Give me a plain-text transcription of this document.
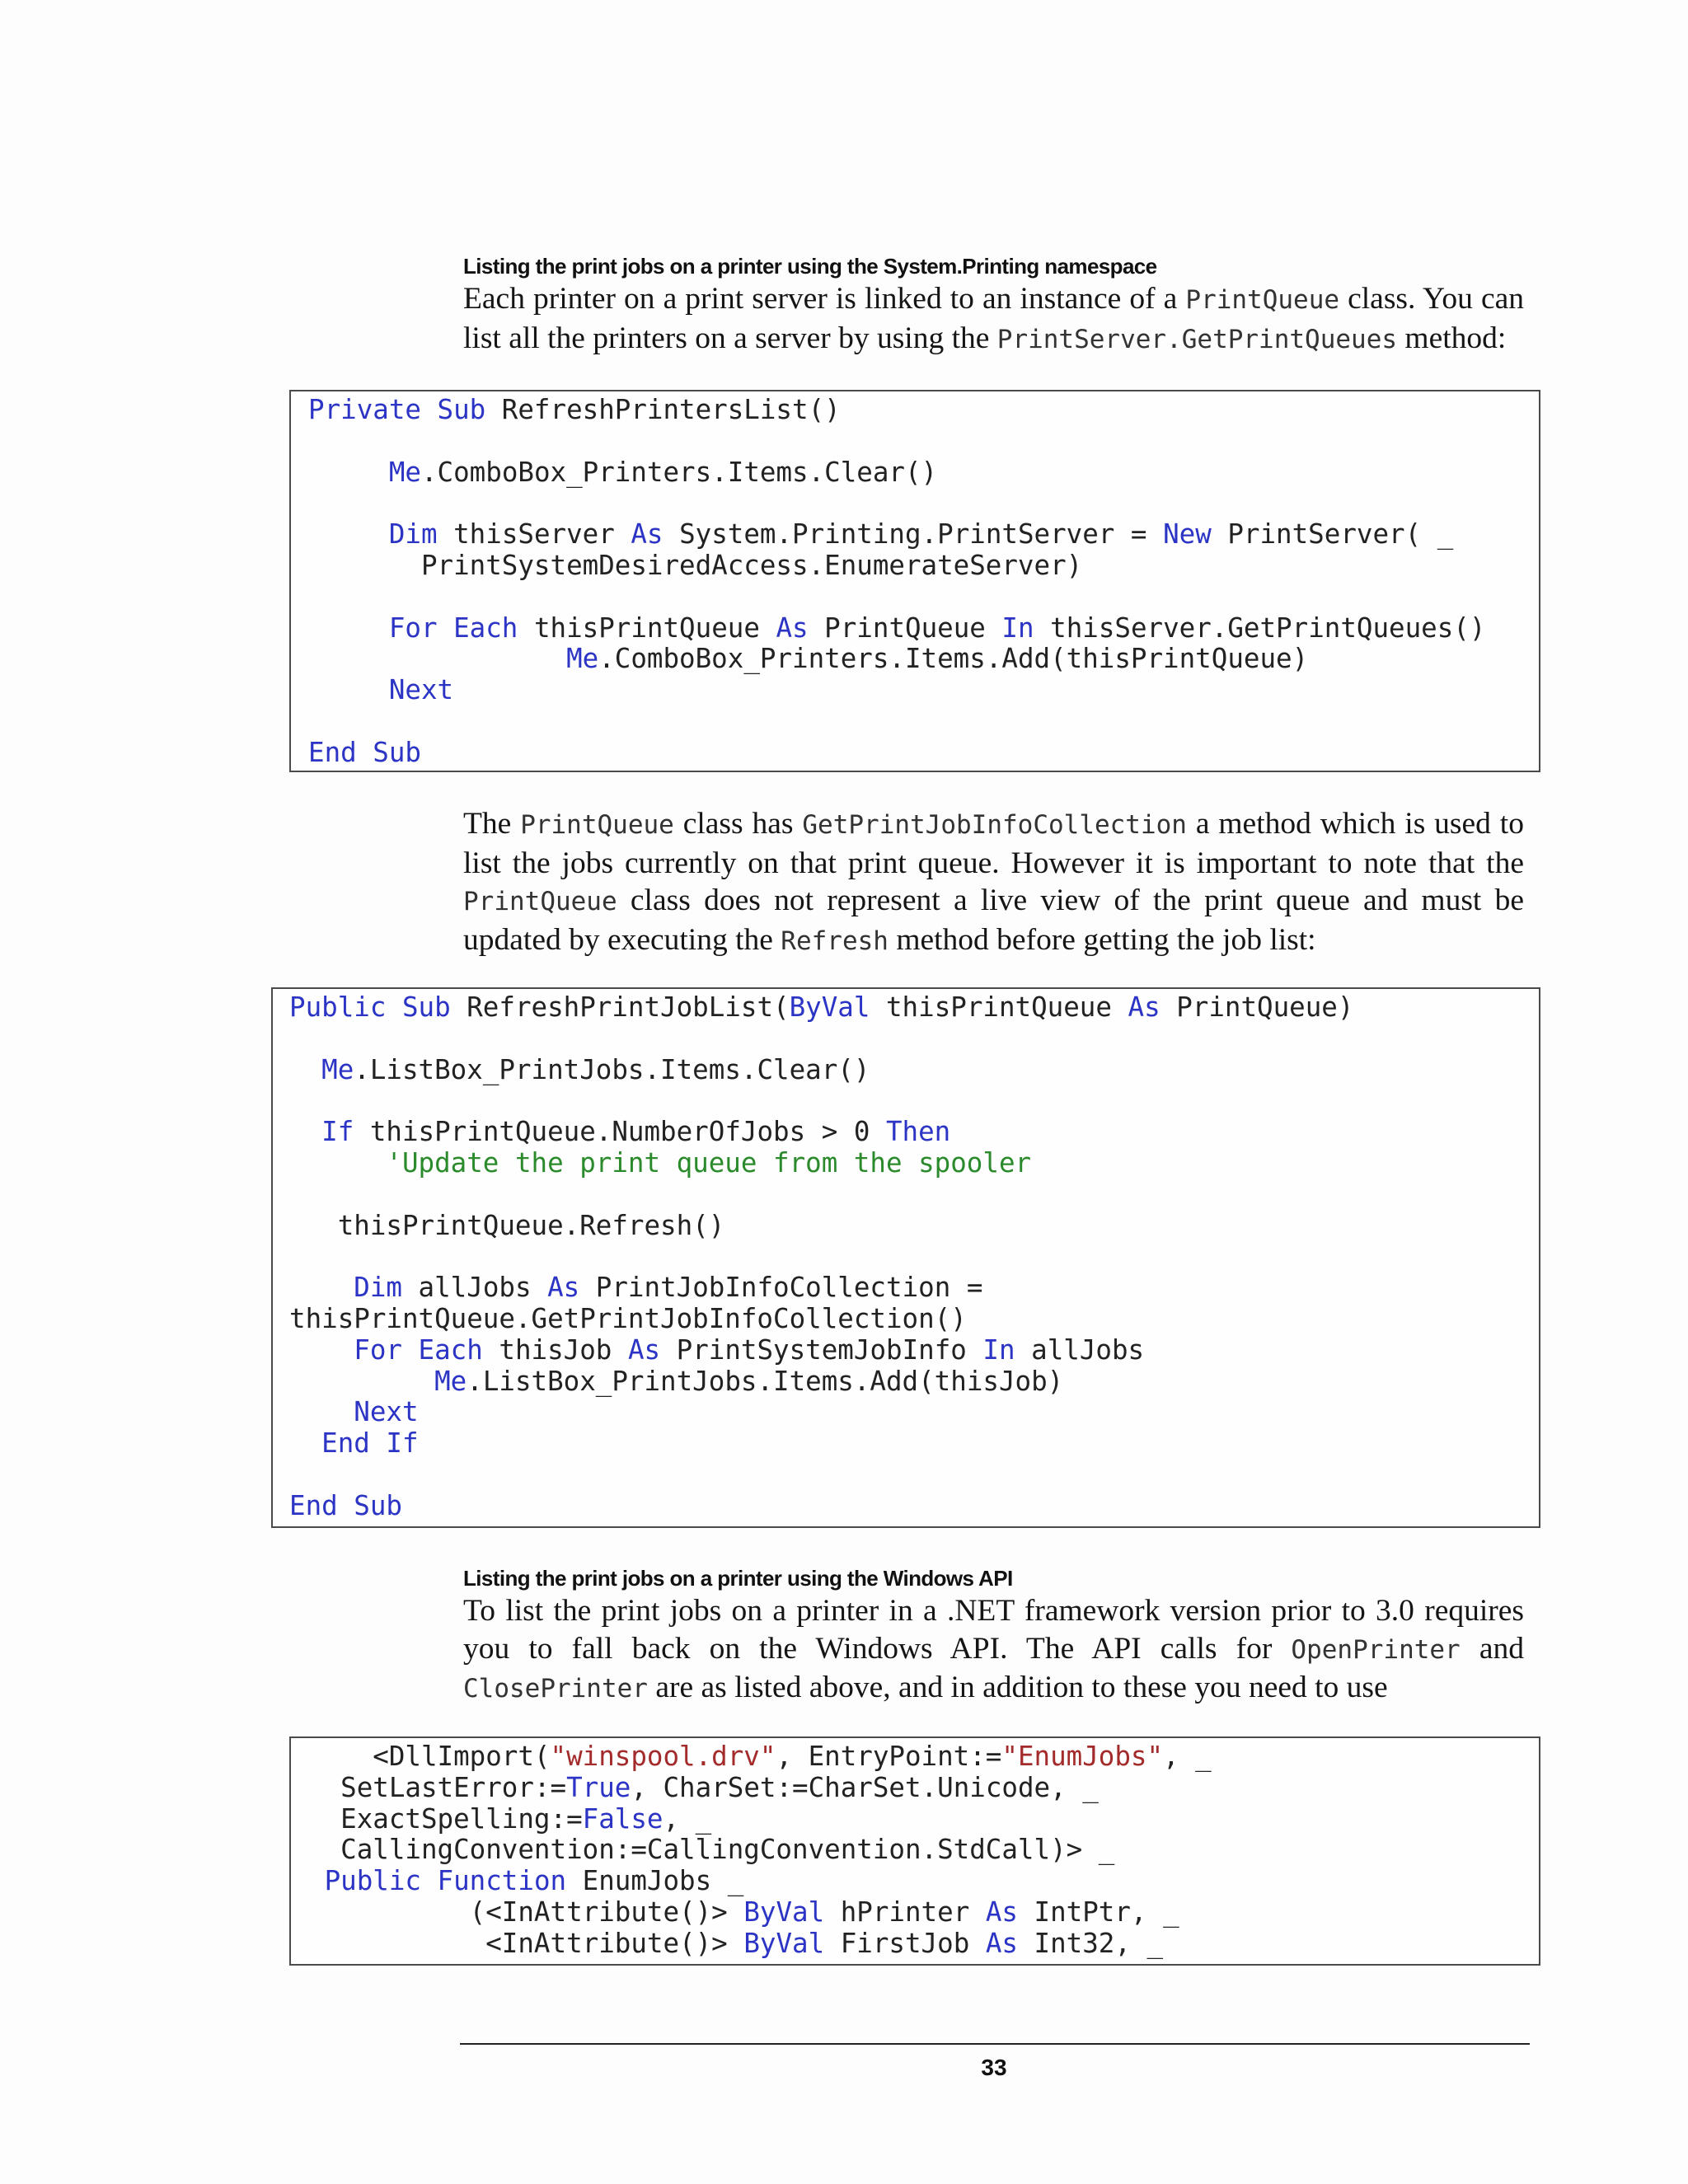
Listing the print jobs on a printer using the System.Printing namespace
Each printer on a print server is linked to an instance of a PrintQueue class. You can
list all the printers on a server by using the PrintServer.GetPrintQueues method:
Private Sub RefreshPrintersList()
Me.ComboBox_Printers.Items.Clear()
Dim thisServer As System.Printing.PrintServer = New PrintServer( _
PrintSystemDesiredAccess.EnumerateServer)
For Each thisPrintQueue As PrintQueue In thisServer.GetPrintQueues()
Me.ComboBox_Printers.Items.Add(thisPrintQueue)
Next
End Sub
The PrintQueue class has GetPrintJobInfoCollection a method which is used to
list the jobs currently on that print queue. However it is important to note that the
PrintQueue class does not represent a live view of the print queue and must be
updated by executing the Refresh method before getting the job list:
Public Sub RefreshPrintJobList(ByVal thisPrintQueue As PrintQueue)
Me.ListBox_PrintJobs.Items.Clear()
If thisPrintQueue.NumberOfJobs > 0 Then
'Update the print queue from the spooler
thisPrintQueue.Refresh()
Dim allJobs As PrintJobInfoCollection =
thisPrintQueue.GetPrintJobInfoCollection()
For Each thisJob As PrintSystemJobInfo In allJobs
Me.ListBox_PrintJobs.Items.Add(thisJob)
Next
End If
End Sub
Listing the print jobs on a printer using the Windows API
To list the print jobs on a printer in a .NET framework version prior to 3.0 requires
you to fall back on the Windows API. The API calls for OpenPrinter and
ClosePrinter are as listed above, and in addition to these you need to use
<DllImport("winspool.drv", EntryPoint:="EnumJobs", _
SetLastError:=True, CharSet:=CharSet.Unicode, _
ExactSpelling:=False, _
CallingConvention:=CallingConvention.StdCall)> _
Public Function EnumJobs _
(<InAttribute()> ByVal hPrinter As IntPtr, _
<InAttribute()> ByVal FirstJob As Int32, _
33
